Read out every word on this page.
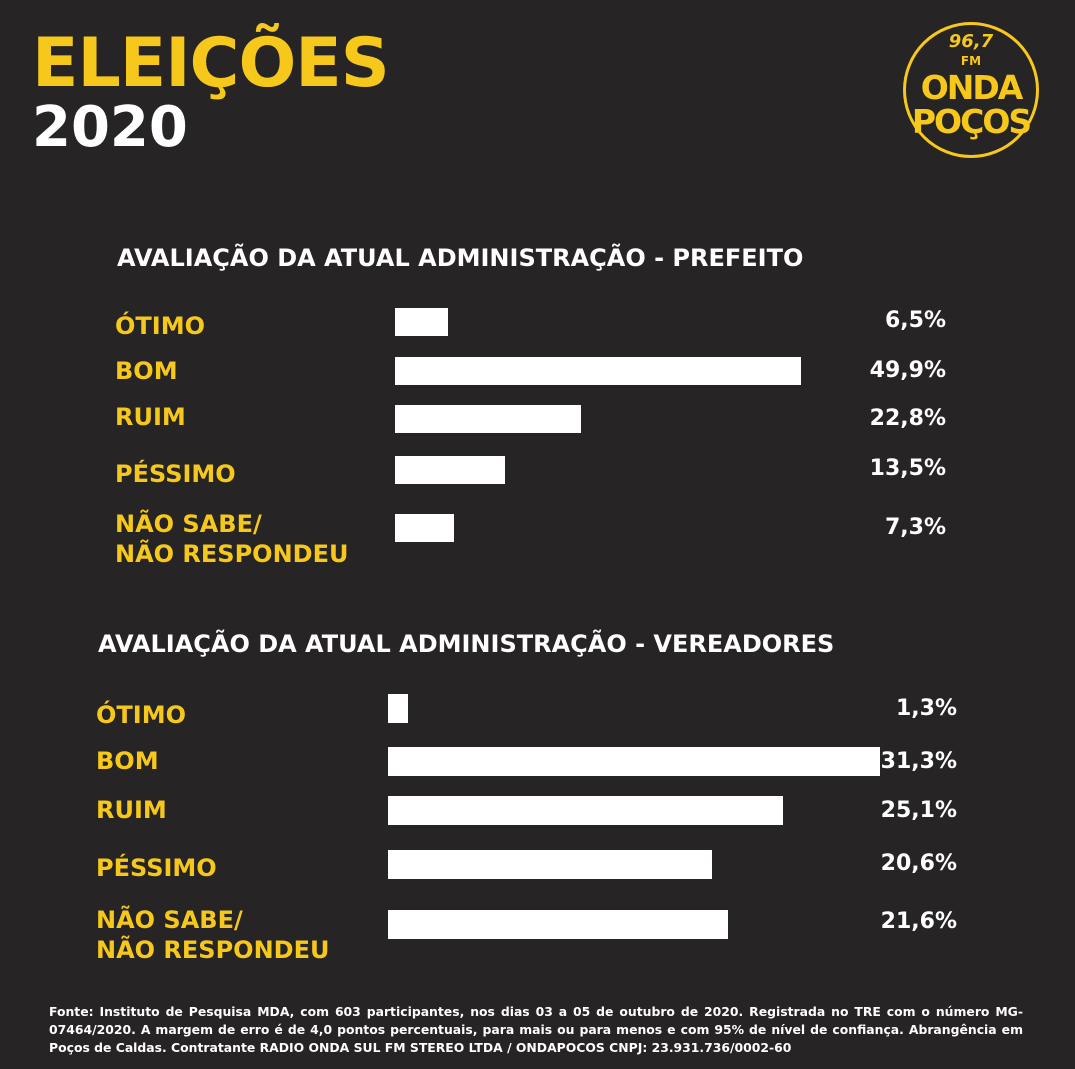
ELEIÇÕES
2020
96,7
FM
ONDA
POÇOS
AVALIAÇÃO DA ATUAL ADMINISTRAÇÃO - PREFEITO
ÓTIMO	6,5%
BOM	49,9%
RUIM	22,8%
PÉSSIMO	13,5%
NÃO SABE/
NÃO RESPONDEU
7,3%
AVALIAÇÃO DA ATUAL ADMINISTRAÇÃO - VEREADORES
ÓTIMO	1,3%
BOM	31,3%
RUIM	25,1%
PÉSSIMO	20,6%
NÃO SABE/
NÃO RESPONDEU
21,6%
Fonte: Instituto de Pesquisa MDA, com 603 participantes, nos dias 03 a 05 de outubro de 2020. Registrada no TRE com o número MG-07464/2020. A margem de erro é de 4,0 pontos percentuais, para mais ou para menos e com 95% de nível de confiança. Abrangência em Poços de Caldas. Contratante RADIO ONDA SUL FM STEREO LTDA / ONDAPOCOS CNPJ: 23.931.736/0002-60
